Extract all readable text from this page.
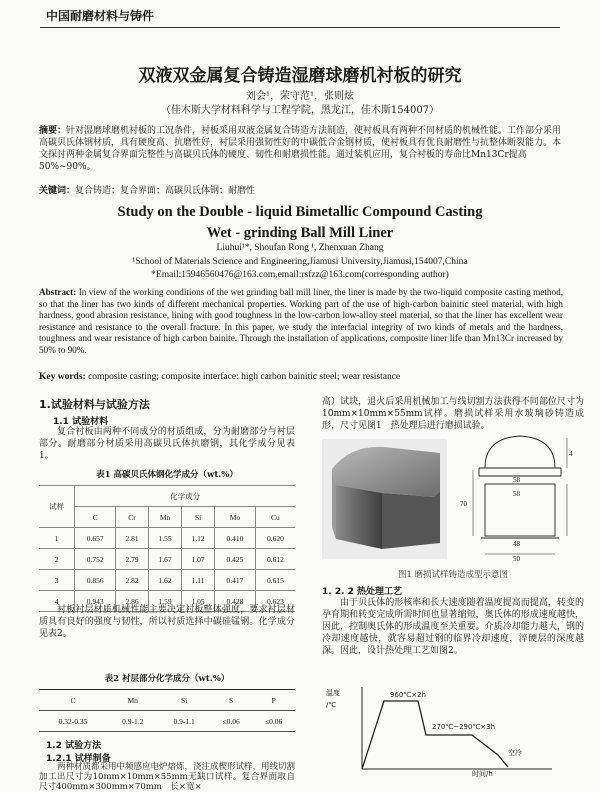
中国耐磨材料与铸件
双液双金属复合铸造湿磨球磨机衬板的研究
刘会¹，荣守范¹，张则炫
（佳木斯大学材料科学与工程学院，黑龙江，佳木斯154007）
摘要：针对湿磨球磨机衬板的工况条件，衬板采用双液金属复合铸造方法制造，使衬板具有两种不同材质的机械性能。工作部分采用高碳贝氏体钢材质，具有硬度高、抗磨性好，衬层采用强韧性好的中碳低合金钢材质，使衬板具有优良耐磨性与抗整体断裂能力。本文探讨两种金属复合界面完整性与高碳贝氏体的硬度、韧性和耐磨损性能。通过装机应用，复合衬板的寿命比Mn13Cr提高50%~90%。
关键词：复合铸造；复合界面；高碳贝氏体钢；耐磨性
Study on the Double - liquid Bimetallic Compound Casting
Wet - grinding Ball Mill Liner
Liuhui¹*, Shoufan Rong ¹, Zhenxuan Zhang
¹School of Materials Science and Engineering,Jiamusi University,Jiamusi,154007,China
*Email:15946560476@163.com,email:rsfzz@163.com(corresponding author)
Abstract: In view of the working conditions of the wet grinding ball mill liner, the liner is made by the two-liquid composite casting method, so that the liner has two kinds of different mechanical properties. Working part of the use of high-carbon bainitic steel material, with high hardness, good abrasion resistance, lining with good toughness in the low-carbon low-alloy steel material, so that the liner has excellent wear resistance and resistance to the overall fracture. In this paper, we study the interfacial integrity of two kinds of metals and the hardness, toughness and wear resistance of high carbon bainite. Through the installation of applications, composite liner life than Mn13Cr increased by 50% to 90%.
Key words: composite casting; composite interface: high carbon bainitic steel; wear resistance
1.试验材料与试验方法
1.1 试验材料
复合衬板由两种不同成分的材质组成，分为耐磨部分与衬层部分。耐磨部分材质采用高碳贝氏体抗磨钢，其化学成分见表1。
表1 高碳贝氏体钢化学成分（wt.%）
试样	化学成分					
	C	Cr	Mn	Si	Mo	Cu
1	0.657	2.81	1.55	1.12	0.410	0.620
2	0.752	2.79	1.67	1.07	0.425	0.612
3	0.856	2.82	1.62	1.11	0.417	0.615
4	0.943	2.86	1.59	1.05	0.428	0.623
衬板衬层材质机械性能主要决定衬板整体强度，要求衬层材质具有良好的强度与韧性，所以衬质选择中碳硅锰钢。化学成分见表2。
表2 衬层部分化学成分（wt.%）
C	Mn	Si	S	P
0.32-0.35	0.9-1.2	0.9-1.1	≤0.06	≤0.06
1.2 试验方法
1.2.1 试样制备
两种材质都采用中频感应电炉熔炼，浇注成楔形试样，用线切割加工出尺寸为10mm×10mm×55mm无缺口试样。复合界面取自尺寸400mm×300mm×70mm　长×宽×
高）试块，退火后采用机械加工与线切割方法获得不同部位尺寸为10mm×10mm×55mm试样。磨损试样采用水玻璃砂铸造成形，尺寸见图1　热处理后进行磨损试验。
58
4
58
70
48
50
图1 磨损试样铸造成型示意图
1. 2. 2 热处理工艺
由于贝氏体的形核率和长大速度随着温度提高而提高，转变的孕育期和转变完成所需时间也显著缩短，奥氏体的形成速度越快，因此，控制奥氏体的形成温度至关重要。介质冷却能力越大，钢的冷却速度越快，就容易超过钢的临界冷却速度，淬硬层的深度越深。因此，设计热处理工艺如图2。
温度
/℃
时间/h
960℃×2h
270℃~290℃×3h
空冷
